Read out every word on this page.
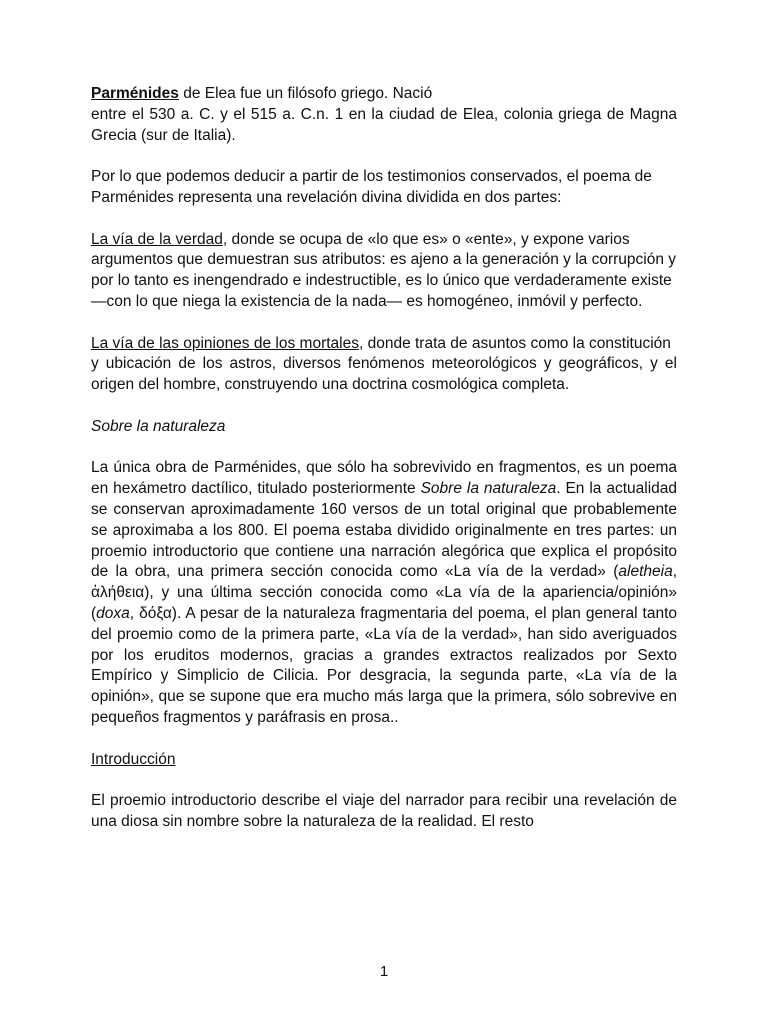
Parménides de Elea fue un filósofo griego. Nació
entre el 530 a. C. y el 515 a. C.n. 1 en la ciudad de Elea, colonia griega de Magna Grecia (sur de Italia).
Por lo que podemos deducir a partir de los testimonios conservados, el poema de
Parménides representa una revelación divina dividida en dos partes:
La vía de la verdad, donde se ocupa de «lo que es» o «ente», y expone varios
argumentos que demuestran sus atributos: es ajeno a la generación y la corrupción y
por lo tanto es inengendrado e indestructible, es lo único que verdaderamente existe
—con lo que niega la existencia de la nada— es homogéneo, inmóvil y perfecto.
La vía de las opiniones de los mortales, donde trata de asuntos como la constitución
y ubicación de los astros, diversos fenómenos meteorológicos y geográficos, y el origen del hombre, construyendo una doctrina cosmológica completa.
Sobre la naturaleza
La única obra de Parménides, que sólo ha sobrevivido en fragmentos, es un poema en hexámetro dactílico, titulado posteriormente Sobre la naturaleza. En la actualidad se conservan aproximadamente 160 versos de un total original que probablemente se aproximaba a los 800. El poema estaba dividido originalmente en tres partes: un proemio introductorio que contiene una narración alegórica que explica el propósito de la obra, una primera sección conocida como «La vía de la verdad» (aletheia, ἀλήθεια), y una última sección conocida como «La vía de la apariencia/opinión» (doxa, δόξα). A pesar de la naturaleza fragmentaria del poema, el plan general tanto del proemio como de la primera parte, «La vía de la verdad», han sido averiguados por los eruditos modernos, gracias a grandes extractos realizados por Sexto Empírico y Simplicio de Cilicia. Por desgracia, la segunda parte, «La vía de la opinión», que se supone que era mucho más larga que la primera, sólo sobrevive en pequeños fragmentos y paráfrasis en prosa..
Introducción
El proemio introductorio describe el viaje del narrador para recibir una revelación de una diosa sin nombre sobre la naturaleza de la realidad. El resto
1
